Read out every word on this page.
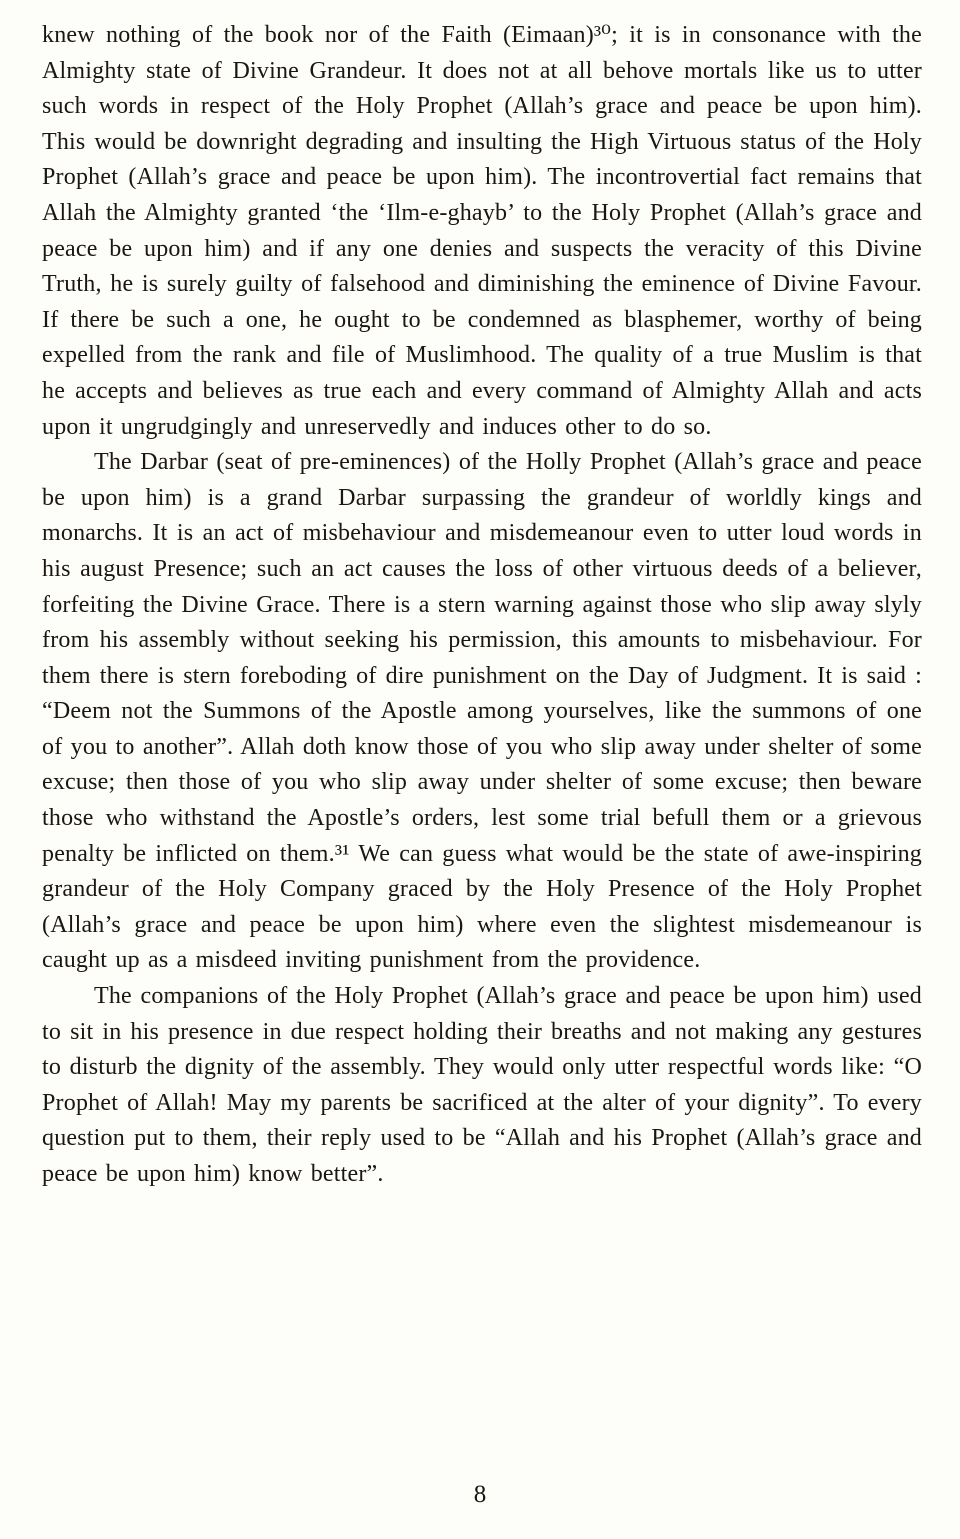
knew nothing of the book nor of the Faith (Eimaan)³⁰; it is in consonance with the Almighty state of Divine Grandeur. It does not at all behove mortals like us to utter such words in respect of the Holy Prophet (Allah’s grace and peace be upon him). This would be downright degrading and insulting the High Virtuous status of the Holy Prophet (Allah’s grace and peace be upon him). The incontrovertial fact remains that Allah the Almighty granted ‘the ‘Ilm-e-ghayb’ to the Holy Prophet (Allah’s grace and peace be upon him) and if any one denies and suspects the veracity of this Divine Truth, he is surely guilty of falsehood and diminishing the eminence of Divine Favour. If there be such a one, he ought to be condemned as blasphemer, worthy of being expelled from the rank and file of Muslimhood. The quality of a true Muslim is that he accepts and believes as true each and every command of Almighty Allah and acts upon it ungrudgingly and unreservedly and induces other to do so.

The Darbar (seat of pre-eminences) of the Holly Prophet (Allah’s grace and peace be upon him) is a grand Darbar surpassing the grandeur of worldly kings and monarchs. It is an act of misbehaviour and misdemeanour even to utter loud words in his august Presence; such an act causes the loss of other virtuous deeds of a believer, forfeiting the Divine Grace. There is a stern warning against those who slip away slyly from his assembly without seeking his permission, this amounts to misbehaviour. For them there is stern foreboding of dire punishment on the Day of Judgment. It is said : “Deem not the Summons of the Apostle among yourselves, like the summons of one of you to another”. Allah doth know those of you who slip away under shelter of some excuse; then those of you who slip away under shelter of some excuse; then beware those who withstand the Apostle’s orders, lest some trial befull them or a grievous penalty be inflicted on them.³¹ We can guess what would be the state of awe-inspiring grandeur of the Holy Company graced by the Holy Presence of the Holy Prophet (Allah’s grace and peace be upon him) where even the slightest misdemeanour is caught up as a misdeed inviting punishment from the providence.

The companions of the Holy Prophet (Allah’s grace and peace be upon him) used to sit in his presence in due respect holding their breaths and not making any gestures to disturb the dignity of the assembly. They would only utter respectful words like: “O Prophet of Allah! May my parents be sacrificed at the alter of your dignity”. To every question put to them, their reply used to be “Allah and his Prophet (Allah’s grace and peace be upon him) know better”.

8
